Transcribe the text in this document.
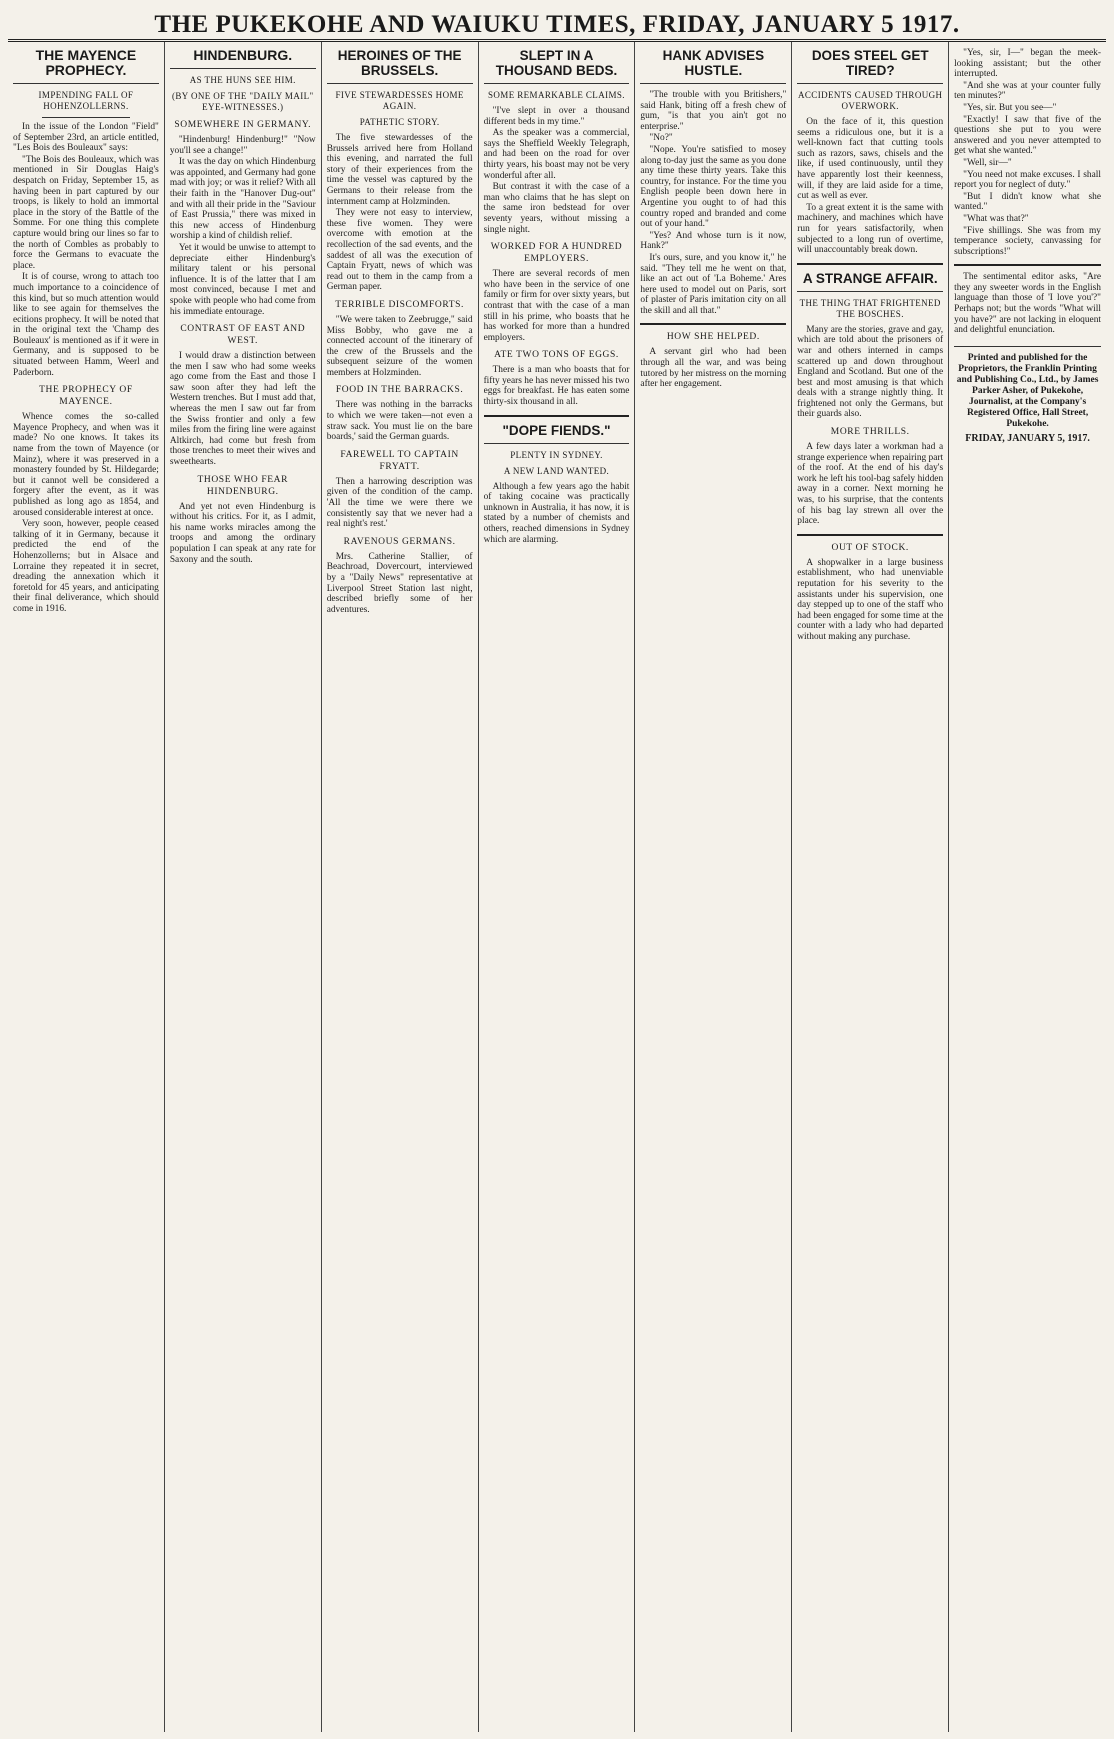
THE PUKEKOHE AND WAIUKU TIMES, FRIDAY, JANUARY 5 1917.
THE MAYENCE PROPHECY.
IMPENDING FALL OF HOHENZOLLERNS.

In the issue of the London "Field" of September 23rd, an article entitled, "Les Bois des Bouleaux" says:

"The Bois des Bouleaux, which was mentioned in Sir Douglas Haig's despatch on Friday, September 15, as having been in part captured by our troops, is likely to hold an immortal place in the story of the Battle of the Somme. For one thing this complete capture would bring our lines so far to the north of Combles as probably to force the Germans to evacuate the place.

It is of course, wrong to attach too much importance to a coincidence of this kind, but so much attention would like to see again for themselves the ecitions prophecy. It will be noted that in the original text the 'Champ des Bouleaux' is mentioned as if it were in Germany, and is supposed to be situated between Hamm, Weerl and Paderborn.

THE PROPHECY OF MAYENCE.

Whence comes the so-called Mayence Prophecy, and when was it made? No one knows. It takes its name from the town of Mayence (or Mainz), where it was preserved in a monastery founded by St. Hildegarde; but it cannot well be considered a forgery after the event, as it was published as long ago as 1854, and aroused considerable interest at once.

Very soon, however, people ceased talking of it in Germany, because it predicted the end of the Hohenzollerns; but in Alsace and Lorraine they repeated it in secret, dreading the annexation which it foretold for 45 years, and anticipating their final deliverance, which should come in 1916.

HINDENBURG.
AS THE HUNS SEE HIM.
(BY ONE OF THE "DAILY MAIL" EYE-WITNESSES.)
SOMEWHERE IN GERMANY.

"Hindenburg! Hindenburg!" "Now you'll see a change!"

It was the day on which Hindenburg was appointed, and Germany had gone mad with joy; or was it relief? With all their faith in the "Hanover Dug-out" and with all their pride in the "Saviour of East Prussia," there was mixed in this new access of Hindenburg worship a kind of childish relief.

Yet it would be unwise to attempt to depreciate either Hindenburg's military talent or his personal influence. It is of the latter that I am most convinced, because I met and spoke with people who had come from his immediate entourage.

CONTRAST OF EAST AND WEST.

I would draw a distinction between the men I saw who had some weeks ago come from the East and those I saw soon after they had left the Western trenches. But I must add that, whereas the men I saw out far from the Swiss frontier and only a few miles from the firing line were against Altkirch, had come but fresh from those trenches to meet their wives and sweethearts.

THOSE WHO FEAR HINDENBURG.

And yet not even Hindenburg is without his critics. For it, as I admit, his name works miracles among the troops and among the ordinary population I can speak at any rate for Saxony and the south.

HEROINES OF THE BRUSSELS.
FIVE STEWARDESSES HOME AGAIN.
PATHETIC STORY.

The five stewardesses of the Brussels arrived here from Holland this evening, and narrated the full story of their experiences from the time the vessel was captured by the Germans to their release from the internment camp at Holzminden.

They were not easy to interview, these five women. They were overcome with emotion at the recollection of the sad events, and the saddest of all was the execution of Captain Fryatt, news of which was read out to them in the camp from a German paper.

TERRIBLE DISCOMFORTS.

"We were taken to Zeebrugge," said Miss Bobby, who gave me a connected account of the itinerary of the crew of the Brussels and the subsequent seizure of the women members at Holzminden.

FOOD IN THE BARRACKS.

There was nothing in the barracks to which we were taken—not even a straw sack. You must lie on the bare boards,' said the German guards.

FAREWELL TO CAPTAIN FRYATT.

Then a harrowing description was given of the condition of the camp. 'All the time we were there we consistently say that we never had a real night's rest.'

RAVENOUS GERMANS.

Mrs. Catherine Stallier, of Beachroad, Dovercourt, interviewed by a "Daily News" representative at Liverpool Street Station last night, described briefly some of her adventures.

SLEPT IN A THOUSAND BEDS.
SOME REMARKABLE CLAIMS.

"I've slept in over a thousand different beds in my time."

As the speaker was a commercial, says the Sheffield Weekly Telegraph, and had been on the road for over thirty years, his boast may not be very wonderful after all.

But contrast it with the case of a man who claims that he has slept on the same iron bedstead for over seventy years, without missing a single night.

WORKED FOR A HUNDRED EMPLOYERS.

There are several records of men who have been in the service of one family or firm for over sixty years, but contrast that with the case of a man still in his prime, who boasts that he has worked for more than a hundred employers.

ATE TWO TONS OF EGGS.

There is a man who boasts that for fifty years he has never missed his two eggs for breakfast. He has eaten some thirty-six thousand in all.

"DOPE FIENDS."
PLENTY IN SYDNEY.
A NEW LAND WANTED.

Although a few years ago the habit of taking cocaine was practically unknown in Australia, it has now, it is stated by a number of chemists and others, reached dimensions in Sydney which are alarming.

HANK ADVISES HUSTLE.

"The trouble with you Britishers," said Hank, biting off a fresh chew of gum, "is that you ain't got no enterprise."

"No?"

"Nope. You're satisfied to mosey along to-day just the same as you done any time these thirty years. Take this country, for instance. For the time you English people been down here in Argentine you ought to of had this country roped and branded and come out of your hand."

"Yes? And whose turn is it now, Hank?"

It's ours, sure, and you know it," he said. "They tell me he went on that, like an act out of 'La Boheme.' Ares here used to model out on Paris, sort of plaster of Paris imitation city on all the skill and all that."

HOW SHE HELPED.

A servant girl who had been through all the war, and was being tutored by her mistress on the morning after her engagement.

DOES STEEL GET TIRED?
ACCIDENTS CAUSED THROUGH OVERWORK.

On the face of it, this question seems a ridiculous one, but it is a well-known fact that cutting tools such as razors, saws, chisels and the like, if used continuously, until they have apparently lost their keenness, will, if they are laid aside for a time, cut as well as ever.

To a great extent it is the same with machinery, and machines which have run for years satisfactorily, when subjected to a long run of overtime, will unaccountably break down.

A STRANGE AFFAIR.
THE THING THAT FRIGHTENED THE BOSCHES.

Many are the stories, grave and gay, which are told about the prisoners of war and others interned in camps scattered up and down throughout England and Scotland. But one of the best and most amusing is that which deals with a strange nightly thing. It frightened not only the Germans, but their guards also.

MORE THRILLS.

A few days later a workman had a strange experience when repairing part of the roof. At the end of his day's work he left his tool-bag safely hidden away in a corner. Next morning he was, to his surprise, that the contents of his bag lay strewn all over the place.

OUT OF STOCK.

A shopwalker in a large business establishment, who had unenviable reputation for his severity to the assistants under his supervision, one day stepped up to one of the staff who had been engaged for some time at the counter with a lady who had departed without making any purchase.

"Yes, sir, I—" began the meek-looking assistant; but the other interrupted.

"And she was at your counter fully ten minutes?"

"Yes, sir. But you see—"

"Exactly! I saw that five of the questions she put to you were answered and you never attempted to get what she wanted."

"Well, sir—"

"You need not make excuses. I shall report you for neglect of duty."

"But I didn't know what she wanted."

"What was that?"

"Five shillings. She was from my temperance society, canvassing for subscriptions!"

The sentimental editor asks, "Are they any sweeter words in the English language than those of 'I love you'?" Perhaps not; but the words "What will you have?" are not lacking in eloquent and delightful enunciation.

Printed and published for the Proprietors, the Franklin Printing and Publishing Co., Ltd., by James Parker Asher, of Pukekohe, Journalist, at the Company's Registered Office, Hall Street, Pukekohe.
FRIDAY, JANUARY 5, 1917.
